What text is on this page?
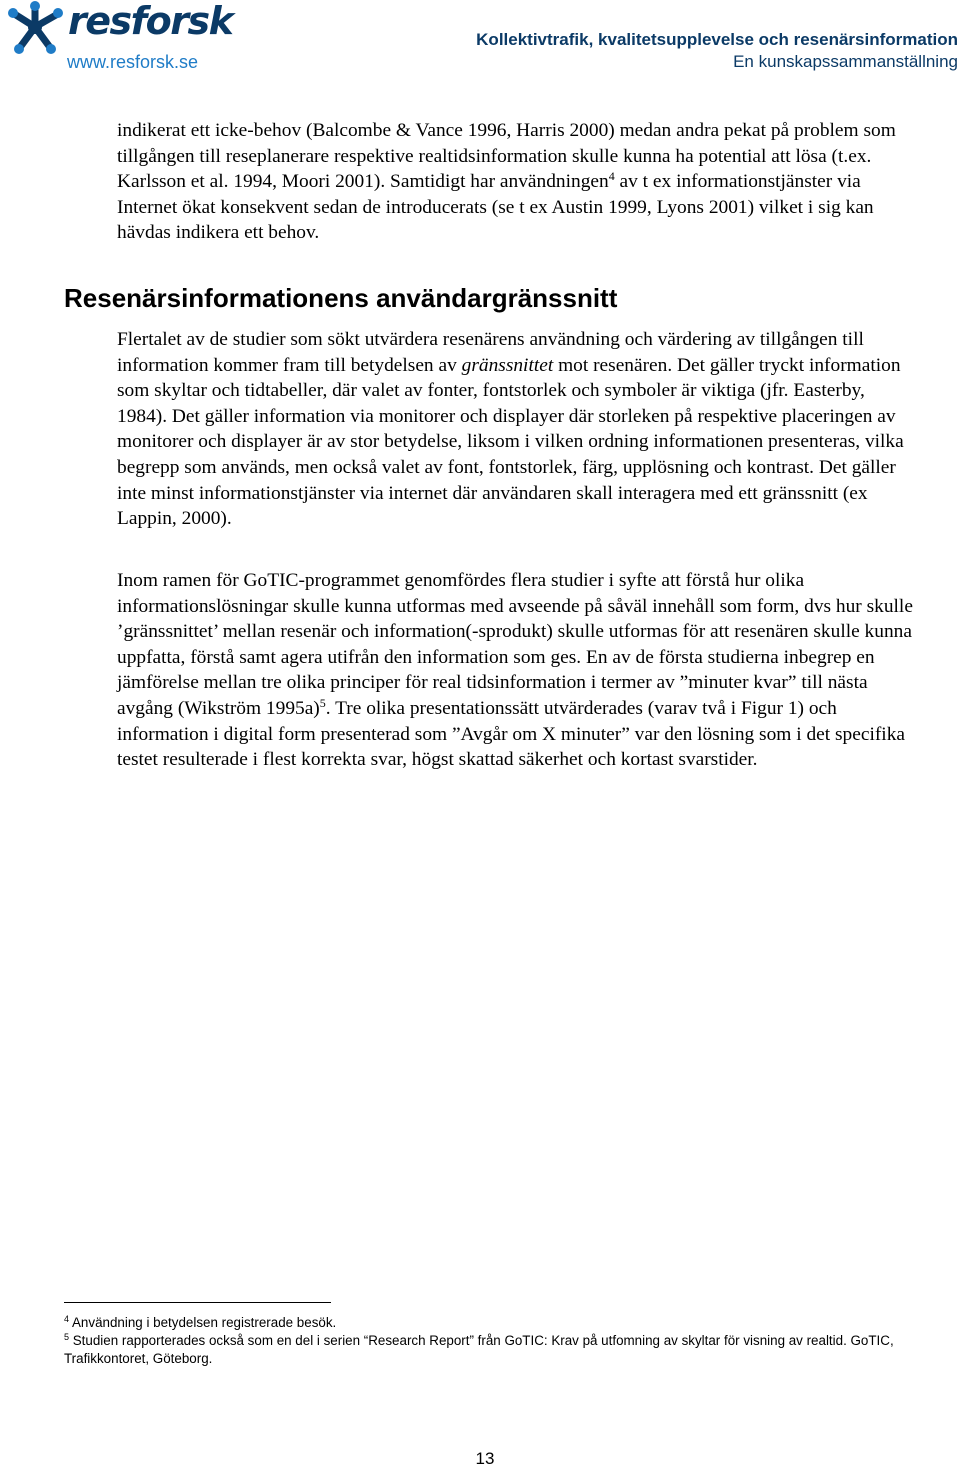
resforsk
www.resforsk.se
Kollektivtrafik, kvalitetsupplevelse och resenärsinformation
En kunskapssammanställning

indikerat ett icke-behov (Balcombe & Vance 1996, Harris 2000) medan andra pekat på problem som tillgången till reseplanerare respektive realtidsinformation skulle kunna ha potential att lösa (t.ex. Karlsson et al. 1994, Moori 2001). Samtidigt har användningen$^4$ av t ex informationstjänster via Internet ökat konsekvent sedan de introducerats (se t ex Austin 1999, Lyons 2001) vilket i sig kan hävdas indikera ett behov.

Resenärsinformationens användargränssnitt

Flertalet av de studier som sökt utvärdera resenärens användning och värdering av tillgången till information kommer fram till betydelsen av gränssnittet mot resenären. Det gäller tryckt information som skyltar och tidtabeller, där valet av fonter, fontstorlek och symboler är viktiga (jfr. Easterby, 1984). Det gäller information via monitorer och displayer där storleken på respektive placeringen av monitorer och displayer är av stor betydelse, liksom i vilken ordning informationen presenteras, vilka begrepp som används, men också valet av font, fontstorlek, färg, upplösning och kontrast. Det gäller inte minst informationstjänster via internet där användaren skall interagera med ett gränssnitt (ex Lappin, 2000).

Inom ramen för GoTIC-programmet genomfördes flera studier i syfte att förstå hur olika informationslösningar skulle kunna utformas med avseende på såväl innehåll som form, dvs hur skulle ’gränssnittet’ mellan resenär och information(-sprodukt) skulle utformas för att resenären skulle kunna uppfatta, förstå samt agera utifrån den information som ges. En av de första studierna inbegrep en jämförelse mellan tre olika principer för real tidsinformation i termer av ”minuter kvar” till nästa avgång (Wikström 1995a)$^5$. Tre olika presentationssätt utvärderades (varav två i Figur 1) och information i digital form presenterad som ”Avgår om X minuter” var den lösning som i det specifika testet resulterade i flest korrekta svar, högst skattad säkerhet och kortast svarstider.

$^4$ Användning i betydelsen registrerade besök.

$^5$ Studien rapporterades också som en del i serien “Research Report” från GoTIC: Krav på utfomning av skyltar för visning av realtid. GoTIC, Trafikkontoret, Göteborg.

13
